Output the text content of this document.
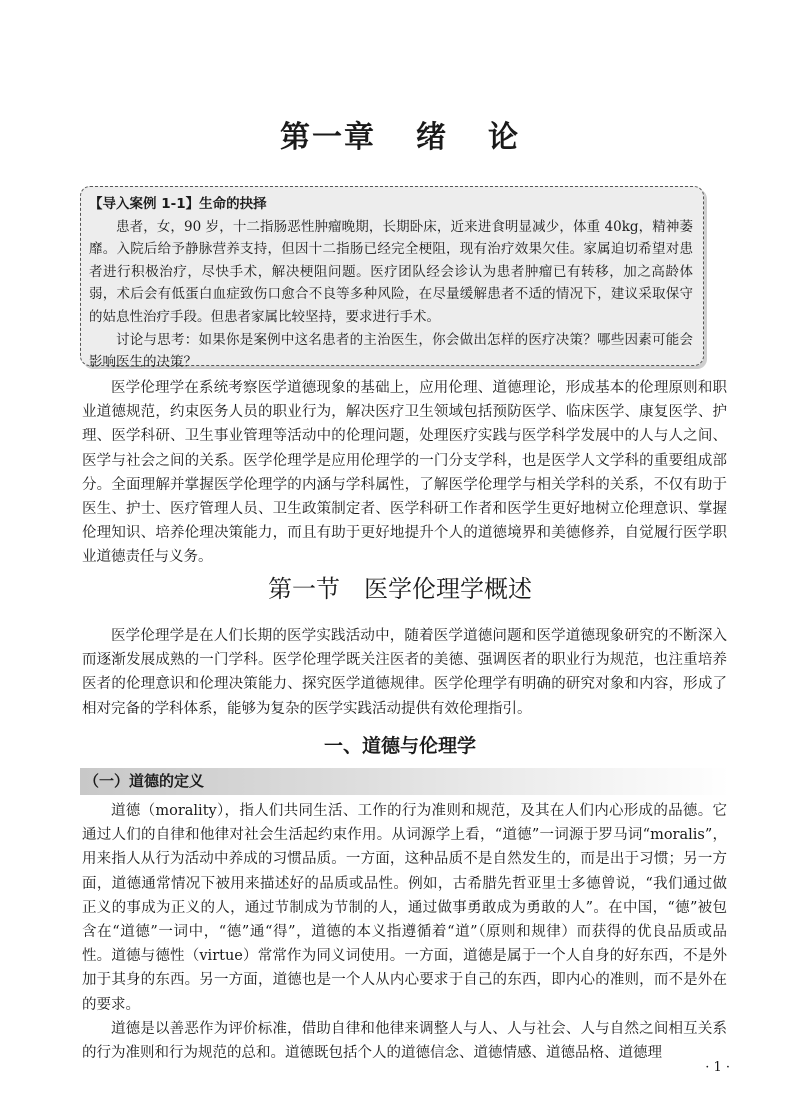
第一章 绪 论
【导入案例 1-1】生命的抉择

患者，女，90 岁，十二指肠恶性肿瘤晚期，长期卧床，近来进食明显减少，体重 40kg，精神萎靡。入院后给予静脉营养支持，但因十二指肠已经完全梗阻，现有治疗效果欠佳。家属迫切希望对患者进行积极治疗，尽快手术，解决梗阻问题。医疗团队经会诊认为患者肿瘤已有转移，加之高龄体弱，术后会有低蛋白血症致伤口愈合不良等多种风险，在尽量缓解患者不适的情况下，建议采取保守的姑息性治疗手段。但患者家属比较坚持，要求进行手术。

讨论与思考：如果你是案例中这名患者的主治医生，你会做出怎样的医疗决策？哪些因素可能会影响医生的决策？

医学伦理学在系统考察医学道德现象的基础上，应用伦理、道德理论，形成基本的伦理原则和职业道德规范，约束医务人员的职业行为，解决医疗卫生领域包括预防医学、临床医学、康复医学、护理、医学科研、卫生事业管理等活动中的伦理问题，处理医疗实践与医学科学发展中的人与人之间、医学与社会之间的关系。医学伦理学是应用伦理学的一门分支学科，也是医学人文学科的重要组成部分。全面理解并掌握医学伦理学的内涵与学科属性，了解医学伦理学与相关学科的关系，不仅有助于医生、护士、医疗管理人员、卫生政策制定者、医学科研工作者和医学生更好地树立伦理意识、掌握伦理知识、培养伦理决策能力，而且有助于更好地提升个人的道德境界和美德修养，自觉履行医学职业道德责任与义务。

第一节　医学伦理学概述

医学伦理学是在人们长期的医学实践活动中，随着医学道德问题和医学道德现象研究的不断深入而逐渐发展成熟的一门学科。医学伦理学既关注医者的美德、强调医者的职业行为规范，也注重培养医者的伦理意识和伦理决策能力、探究医学道德规律。医学伦理学有明确的研究对象和内容，形成了相对完备的学科体系，能够为复杂的医学实践活动提供有效伦理指引。

一、道德与伦理学
（一）道德的定义

道德（morality），指人们共同生活、工作的行为准则和规范，及其在人们内心形成的品德。它通过人们的自律和他律对社会生活起约束作用。从词源学上看，“道德”一词源于罗马词“moralis”，用来指人从行为活动中养成的习惯品质。一方面，这种品质不是自然发生的，而是出于习惯；另一方面，道德通常情况下被用来描述好的品质或品性。例如，古希腊先哲亚里士多德曾说，“我们通过做正义的事成为正义的人，通过节制成为节制的人，通过做事勇敢成为勇敢的人”。在中国，“德”被包含在“道德”一词中，“德”通“得”，道德的本义指遵循着“道”（原则和规律）而获得的优良品质或品性。道德与德性（virtue）常常作为同义词使用。一方面，道德是属于一个人自身的好东西，不是外加于其身的东西。另一方面，道德也是一个人从内心要求于自己的东西，即内心的准则，而不是外在的要求。

道德是以善恶作为评价标准，借助自律和他律来调整人与人、人与社会、人与自然之间相互关系的行为准则和行为规范的总和。道德既包括个人的道德信念、道德情感、道德品格、道德理

· 1 ·
